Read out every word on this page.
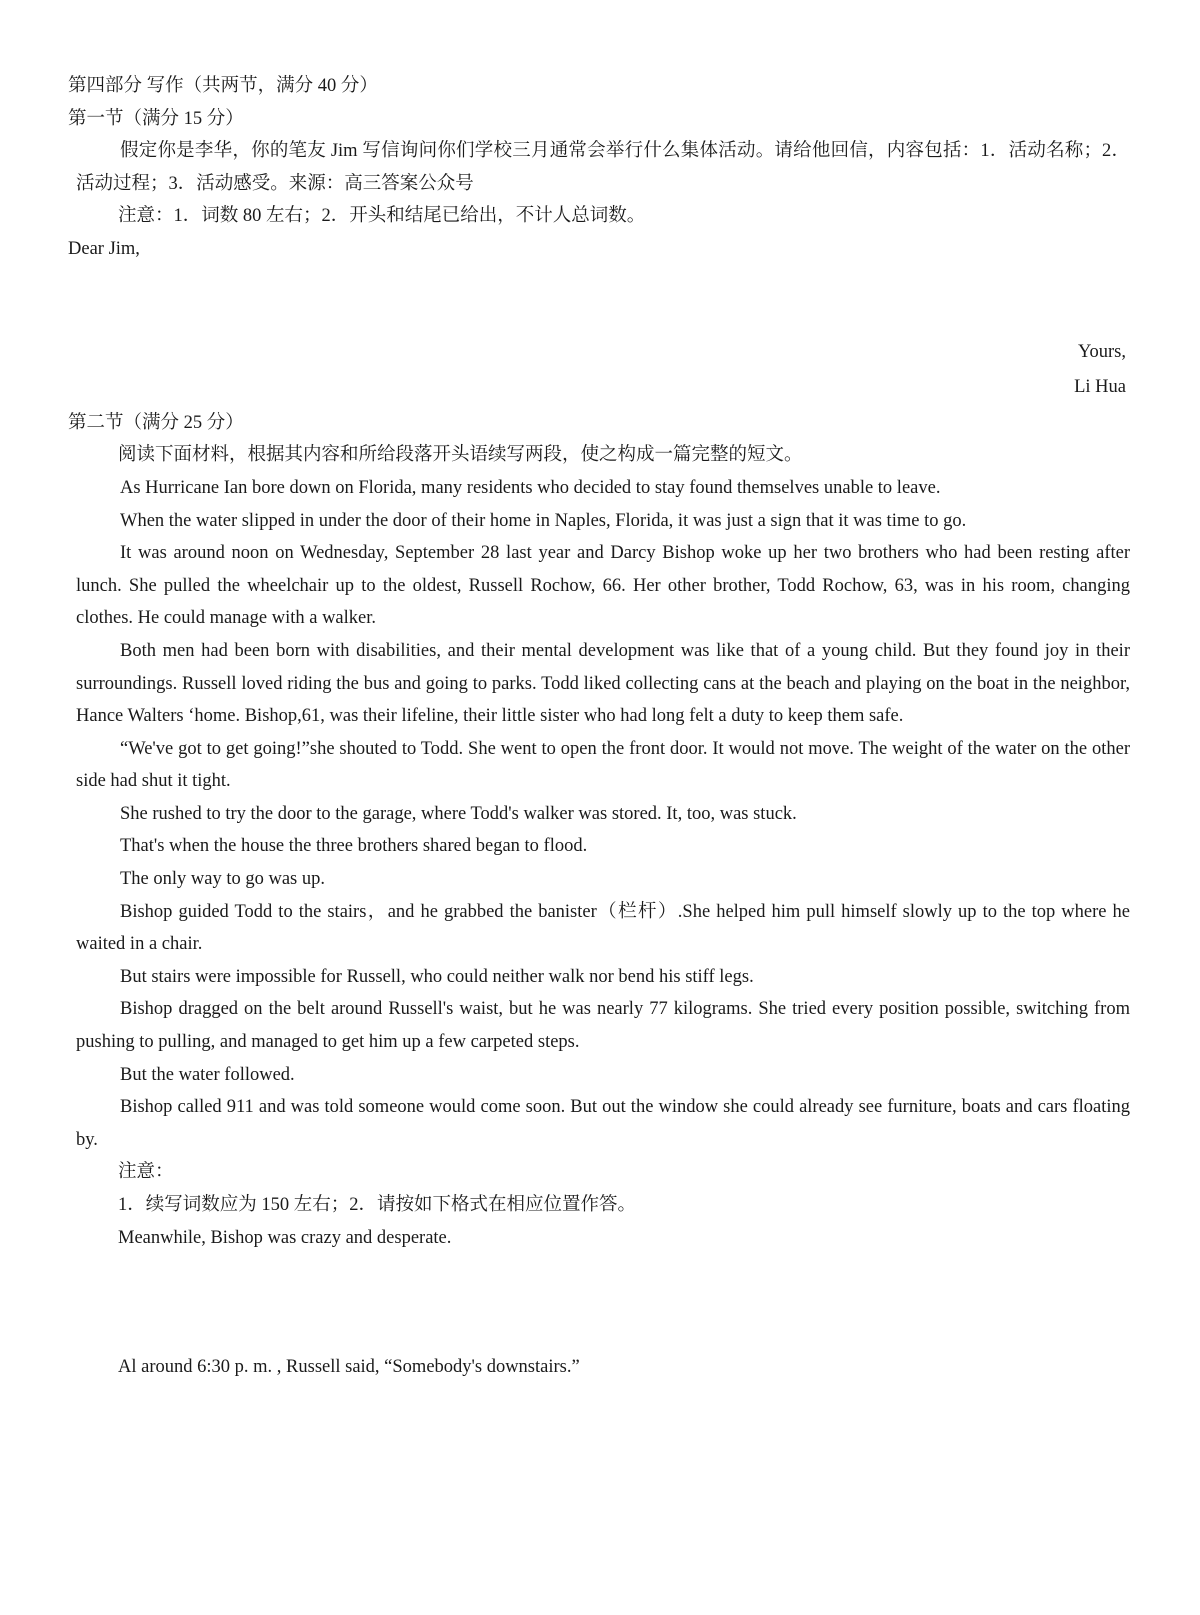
第四部分 写作（共两节，满分 40 分）

第一节（满分 15 分）

假定你是李华，你的笔友 Jim 写信询问你们学校三月通常会举行什么集体活动。请给他回信，内容包括：1．活动名称；2．活动过程；3．活动感受。来源：高三答案公众号

注意：1．词数 80 左右；2．开头和结尾已给出，不计人总词数。

Dear Jim,

Yours,

Li Hua

第二节（满分 25 分）

阅读下面材料，根据其内容和所给段落开头语续写两段，使之构成一篇完整的短文。

As Hurricane Ian bore down on Florida, many residents who decided to stay found themselves unable to leave.

When the water slipped in under the door of their home in Naples, Florida, it was just a sign that it was time to go.

It was around noon on Wednesday, September 28 last year and Darcy Bishop woke up her two brothers who had been resting after lunch. She pulled the wheelchair up to the oldest, Russell Rochow, 66. Her other brother, Todd Rochow, 63, was in his room, changing clothes. He could manage with a walker.

Both men had been born with disabilities, and their mental development was like that of a young child. But they found joy in their surroundings. Russell loved riding the bus and going to parks. Todd liked collecting cans at the beach and playing on the boat in the neighbor, Hance Walters ‘home. Bishop,61, was their lifeline, their little sister who had long felt a duty to keep them safe.

“We've got to get going!”she shouted to Todd. She went to open the front door. It would not move. The weight of the water on the other side had shut it tight.

She rushed to try the door to the garage, where Todd's walker was stored. It, too, was stuck.

That's when the house the three brothers shared began to flood.

The only way to go was up.

Bishop guided Todd to the stairs，and he grabbed the banister（栏杆）.She helped him pull himself slowly up to the top where he waited in a chair.

But stairs were impossible for Russell, who could neither walk nor bend his stiff legs.

Bishop dragged on the belt around Russell's waist, but he was nearly 77 kilograms. She tried every position possible, switching from pushing to pulling, and managed to get him up a few carpeted steps.

But the water followed.

Bishop called 911 and was told someone would come soon. But out the window she could already see furniture, boats and cars floating by.

注意：

1．续写词数应为 150 左右；2．请按如下格式在相应位置作答。

Meanwhile, Bishop was crazy and desperate.

Al around 6:30 p. m. , Russell said, “Somebody's downstairs.”
